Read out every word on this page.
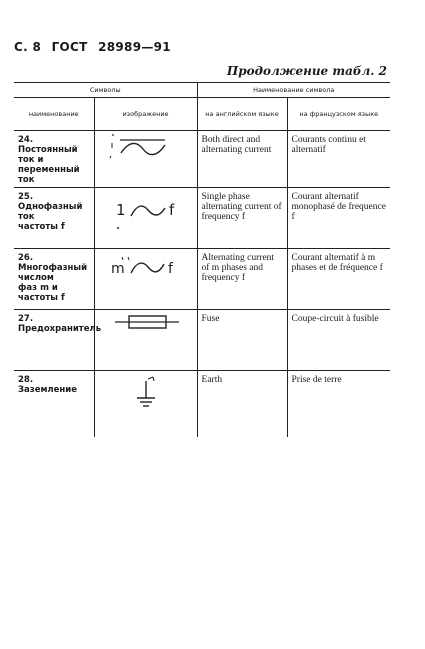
С. 8 ГОСТ 28989—91
Продолжение табл. 2
Символы		Наименование символа	
наименование	изображение	на английском языке	на французском языке
24.Постоянный ток и переменный ток		Both direct and alternating current	Courants continu et alternatif
25.Однофазный ток частоты f	1 f	Single phase alternating current of frequency f	Courant alternatif monophasé de frequence f
26.Многофазный числом фаз m и частоты f	m f	Alternating current of m phases and frequency f	Courant alternatif à m phases et de fréquence f
27.Предохранитель		Fuse	Coupe-circuit à fusible
28.Заземление		Earth	Prise de terre
